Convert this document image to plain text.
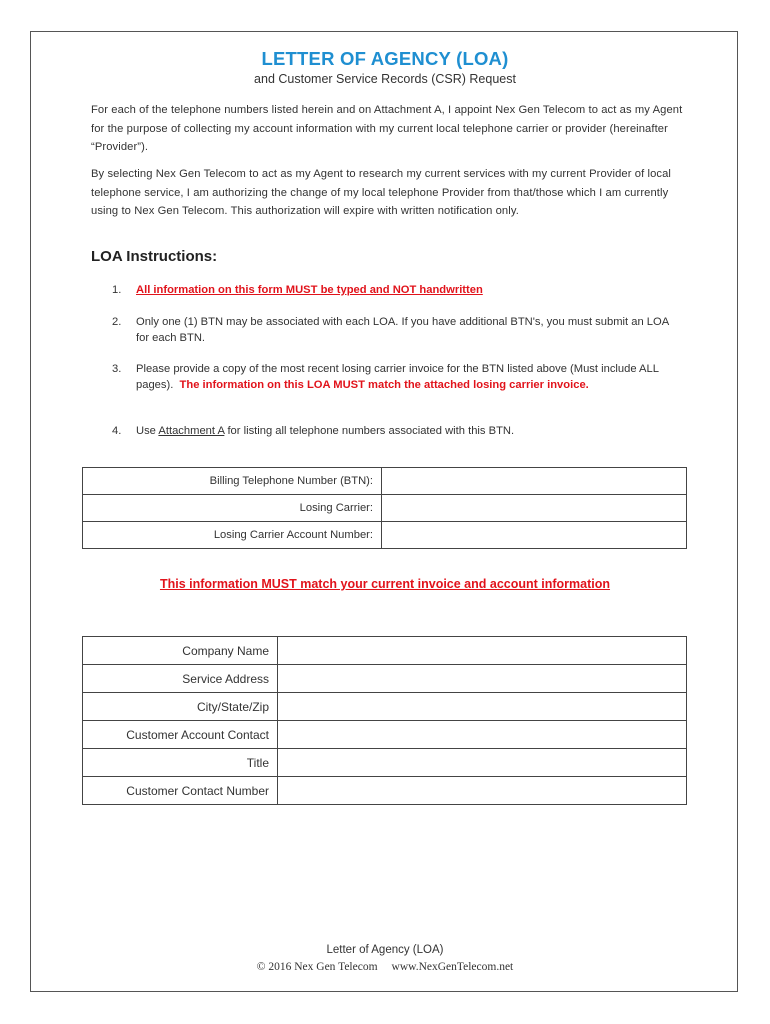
LETTER OF AGENCY (LOA)
and Customer Service Records (CSR) Request
For each of the telephone numbers listed herein and on Attachment A, I appoint Nex Gen Telecom to act as my Agent for the purpose of collecting my account information with my current local telephone carrier or provider (hereinafter “Provider”).
By selecting Nex Gen Telecom to act as my Agent to research my current services with my current Provider of local telephone service, I am authorizing the change of my local telephone Provider from that/those which I am currently using to Nex Gen Telecom. This authorization will expire with written notification only.
LOA Instructions:
1.	All information on this form MUST be typed and NOT handwritten
2.	Only one (1) BTN may be associated with each LOA. If you have additional BTN's, you must submit an LOA for each BTN.
3.	Please provide a copy of the most recent losing carrier invoice for the BTN listed above (Must include ALL pages). The information on this LOA MUST match the attached losing carrier invoice.
4.	Use Attachment A for listing all telephone numbers associated with this BTN.
Billing Telephone Number (BTN):	
Losing Carrier:	
Losing Carrier Account Number:	
This information MUST match your current invoice and account information
Company Name	
Service Address	
City/State/Zip	
Customer Account Contact	
Title	
Customer Contact Number	
Letter of Agency (LOA)
© 2016 Nex Gen Telecom www.NexGenTelecom.net
